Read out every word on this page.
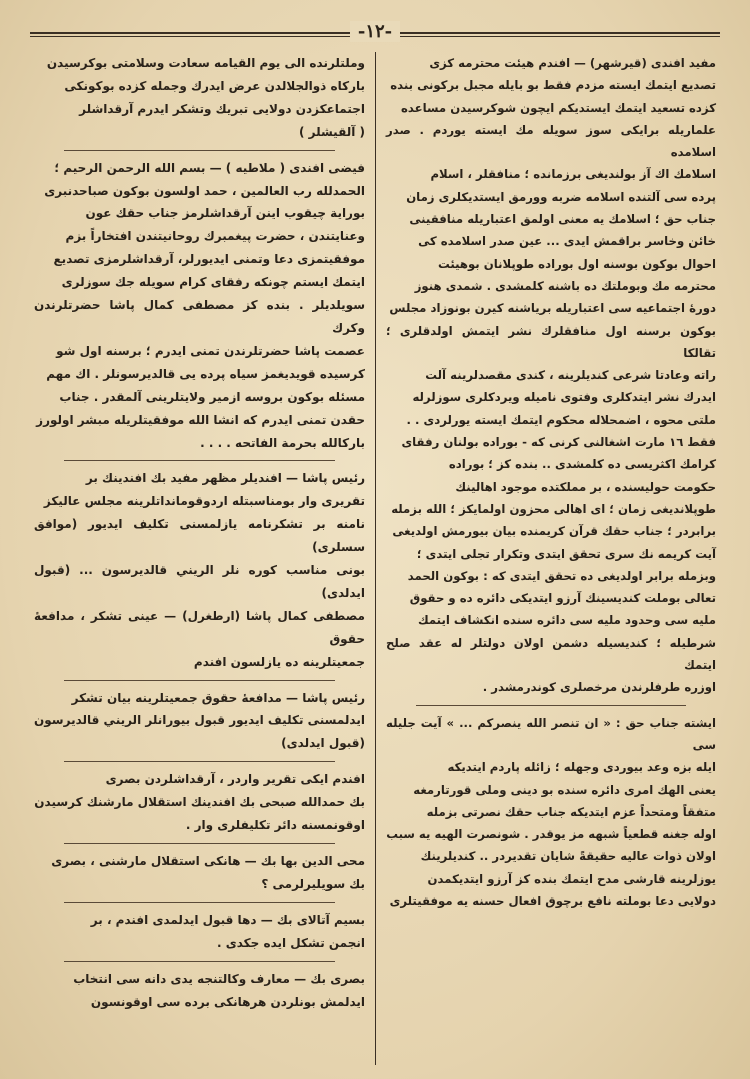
-۱۲-

مفيد افندى (قيرشهر) — افندم هيئت محترمه كزى
تصديع ايتمك ايسته مزدم فقط بو بايله مجبل بركونى بنده
كزده تسعيد ايتمك ايستديكم ايچون شوكرسيدن مساعده
علماريله برايكى سوز سويله مك ايسته يوردم . صدر اسلامده
اسلامك اك آز بولنديغى برزمانده ؛ منافقلر ، اسلام
پرده سى آلتنده اسلامه ضربه وورمق ايستديكلرى زمان
جناب حق ؛ اسلامك يه معنى اولمق اعتباريله منافقينى
خائن وخاسر براقمش ايدى ... عين صدر اسلامده كى
احوال بوكون بوسنه اول بوراده طوپلانان بوهيئت
محترمه مك وبوملتك ده باشنه كلمشدى . شمدى هنوز
دورۀ اجتماعيه سى اعتباريله برياشنه كيرن بونوزاد مجلس
بوكون برسنه اول منافقلرك نشر ايتمش اولدقلرى ؛ تقالكا
راته وعادتا شرعى كنديلرينه ، كندى مقصدلرينه آلت
ايدرك نشر ايتدكلرى وفتوى ناميله ويردكلرى سوزلرله
ملتى محوه ، اضمحلاله محكوم ايتمك ايسته يورلردى . .
فقط ۱٦ مارت اشغالنى كرنى كه - بوراده بولنان رفقاى
كرامك اكثريسى ده كلمشدى .. بنده كز ؛ بوراده
حكومت حوليسنده ، بر مملكتده موجود اهالينك
طوپلانديغى زمان ؛ اى اهالى محزون اولمايكز ؛ الله بزمله
برابردر ؛ جناب حقك قرآن كريمنده بيان بيورمش اولديغى
آيت كريمه نك سرى تحقق ايتدى وتكرار تجلى ايتدى ؛
وبزمله برابر اولديغى ده تحقق ايتدى كه : بوكون الحمد
تعالى بوملت كنديسينك آرزو ايتديكى دائره ده و حقوق
مليه سى وحدود مليه سى دائره سنده انكشاف ايتمك
شرطيله ؛ كنديسيله دشمن اولان دولتلر له عقد صلح ايتمك
اوزره طرفلرندن مرخصلرى كوندرمشدر .

ايشته جناب حق : « ان تنصر الله ينصركم ... » آيت جليله سى
ايله بزه وعد بيوردى وجهله ؛ زائله پاردم ايتديكه
يعنى الهك امرى دائره سنده بو دينى وملى قورتارمغه
متفقاً ومتحداً عزم ايتديكه جناب حقك نصرتى بزمله
اوله جغنه قطعياً شبهه مز يوقدر . شونصرت الهيه يه سبب
اولان ذوات عاليه حقيقةً شايان تقديردر .. كنديلرينك
يوزلرينه قارشى مدح ايتمك بنده كز آرزو ايتديكمدن
دولايى دعا بوملته نافع برچوق افعال حسنه يه موفقيتلرى

وملتلرنده الى يوم القيامه سعادت وسلامتى بوكرسيدن
باركاه ذوالجلالدن عرض ايدرك وجمله كزده بوكونكى
اجتماعكزدن دولايى تبريك وتشكر ايدرم آرقداشلر
( آلقيشلر )

فيضى افندى ( ملاطيه ) — بسم الله الرحمن الرحيم ؛
الحمدلله رب العالمين ، حمد اولسون بوكون صباحدنبرى
بوراية چيقوب اينن آرقداشلرمز جناب حقك عون
وعنايتندن ، حضرت پيغمبرك روحانيتندن افتخاراً بزم
موفقيتمزى دعا وتمنى ايديورلر، آرقداشلرمزى تصديع
ايتمك ايستم چونكه رفقاى كرام سويله جك سوزلرى
سويلديلر . بنده كز مصطفى كمال پاشا حضرتلرندن وكرك
عصمت پاشا حضرتلرندن تمنى ايدرم ؛ برسنه اول شو
كرسيده قويديغمز سياه پرده يى قالديرسونلر . اك مهم
مسئله بوكون بروسه ازمير ولايتلرينى آلمقدر . جناب
حقدن تمنى ايدرم كه انشا الله موفقيتلريله مبشر اولورز
باركالله بحرمة الفاتحه . . . .

رئيس پاشا — افنديلر مظهر مفيد بك افندينك بر
تقريرى وار بومناسبتله اردوقومانداتلرينه مجلس عاليكز
نامنه بر تشكرنامه يازلمسنى تكليف ايديور (موافق سسلرى)
بونى مناسب كوره نلر الريني قالديرسون ... (قبول ايدلدى)
مصطفى كمال پاشا (ارطغرل) — عينى تشكر ، مدافعۀ حقوق
جمعيتلرينه ده يازلسون افندم

رئيس پاشا — مدافعۀ حقوق جمعيتلرينه بيان تشكر
ايدلمسنى تكليف ايديور قبول بيورانلر الريني قالديرسون
(قبول ايدلدى)

افندم ايكى تقرير واردر ، آرقداشلردن بصرى
بك حمدالله صبحى بك افندينك استقلال مارشنك كرسيدن
اوقونمسنه دائر تكليفلرى وار .

محى الدين بها بك — هانكى استقلال مارشنى ، بصرى
بك سويليرلرمى ؟

بسيم آتالاى بك — دها قبول ايدلمدى افندم ، بر
انجمن تشكل ايده جكدى .

بصرى بك — معارف وكالتنجه يدى دانه سى انتخاب
ايدلمش بونلردن هرهانكى برده سى اوقونسون
